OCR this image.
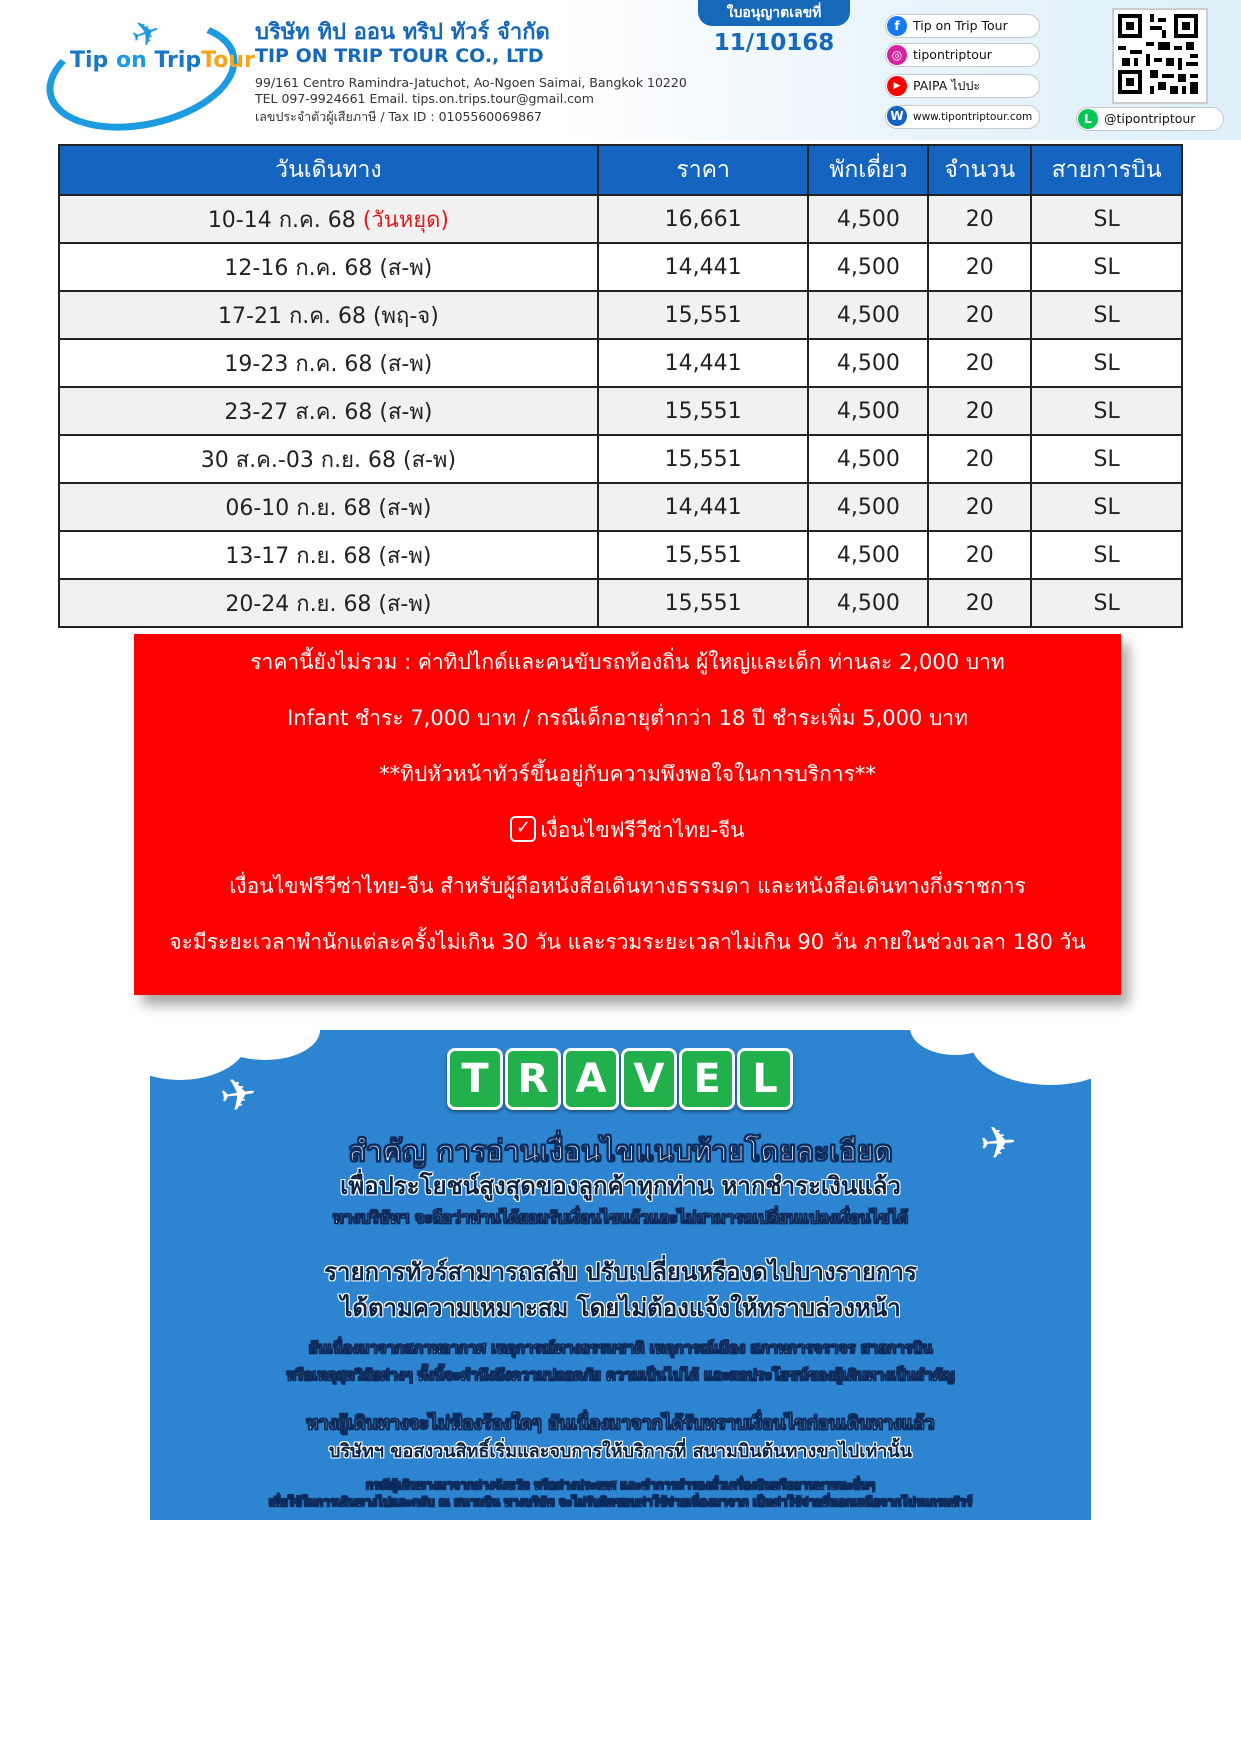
✈
Tip on TripTour
บริษัท ทิป ออน ทริป ทัวร์ จำกัด
TIP ON TRIP TOUR CO., LTD
99/161 Centro Ramindra-Jatuchot, Ao-Ngoen Saimai, Bangkok 10220
TEL 097-9924661 Email. tips.on.trips.tour@gmail.com
เลขประจำตัวผู้เสียภาษี / Tax ID : 0105560069867
ใบอนุญาตเลขที่
11/10168
f Tip on Trip Tour
◎ tipontriptour
▶ PAIPA ไปปะ
W www.tipontriptour.com	L @tipontriptour
วันเดินทาง	ราคา	พักเดี่ยว	จำนวน	สายการบิน
10-14 ก.ค. 68 (วันหยุด)	16,661	4,500	20	SL
12-16 ก.ค. 68 (ส-พ)	14,441	4,500	20	SL
17-21 ก.ค. 68 (พฤ-จ)	15,551	4,500	20	SL
19-23 ก.ค. 68 (ส-พ)	14,441	4,500	20	SL
23-27 ส.ค. 68 (ส-พ)	15,551	4,500	20	SL
30 ส.ค.-03 ก.ย. 68 (ส-พ)	15,551	4,500	20	SL
06-10 ก.ย. 68 (ส-พ)	14,441	4,500	20	SL
13-17 ก.ย. 68 (ส-พ)	15,551	4,500	20	SL
20-24 ก.ย. 68 (ส-พ)	15,551	4,500	20	SL
ราคานี้ยังไม่รวม : ค่าทิปไกด์และคนขับรถท้องถิ่น ผู้ใหญ่และเด็ก ท่านละ 2,000 บาท
Infant ชำระ 7,000 บาท / กรณีเด็กอายุต่ำกว่า 18 ปี ชำระเพิ่ม 5,000 บาท
**ทิปหัวหน้าทัวร์ขึ้นอยู่กับความพึงพอใจในการบริการ**
✓ เงื่อนไขฟรีวีซ่าไทย-จีน
เงื่อนไขฟรีวีซ่าไทย-จีน สำหรับผู้ถือหนังสือเดินทางธรรมดา และหนังสือเดินทางกึ่งราชการ
จะมีระยะเวลาพำนักแต่ละครั้งไม่เกิน 30 วัน และรวมระยะเวลาไม่เกิน 90 วัน ภายในช่วงเวลา 180 วัน
✈
✈
T R A V E L
สำคัญ การอ่านเงื่อนไขแนบท้ายโดยละเอียด
เพื่อประโยชน์สูงสุดของลูกค้าทุกท่าน หากชำระเงินแล้ว
ทางบริษัทฯ จะถือว่าท่านได้ยอมรับเงื่อนไขแล้วและไม่สามารถเปลี่ยนแปลงเงื่อนไขได้
รายการทัวร์สามารถสลับ ปรับเปลี่ยนหรืองดไปบางรายการ
ได้ตามความเหมาะสม โดยไม่ต้องแจ้งให้ทราบล่วงหน้า
อันเนื่องมาจากสภาพอากาศ เหตุการณ์ทางธรรมชาติ เหตุการณ์เมือง สภาพการจราจร สายการบิน
หรือเหตุสุดวิสัยต่างๆ ทั้งนี้จะคำนึงถึงความปลอดภัย ความเป็นไปได้ และผลประโยชน์ของผู้เดินทางเป็นสำคัญ
ทางผู้เดินทางจะไม่ฟ้องร้องใดๆ อันเนื่องมาจากได้รับทราบเงื่อนไขก่อนเดินทางแล้ว
บริษัทฯ ขอสงวนสิทธิ์เริ่มและจบการให้บริการที่ สนามบินต้นทางขาไปเท่านั้น
กรณีผู้เดินทางมาจากต่างจังหวัด หรือต่างประเทศ และทำการสำรองตั๋วเครื่องบินหรือยานพาหนะอื่นๆ
เพื่อใช้ในการเดินทางไปและกลับ ณ สนามบิน ทางบริษัท จะไม่รับผิดชอบค่าใช้จ่ายเนื่องมาจาก เป็นค่าใช้จ่ายที่นอกเหนือจากโปรแกรมทัวร์
